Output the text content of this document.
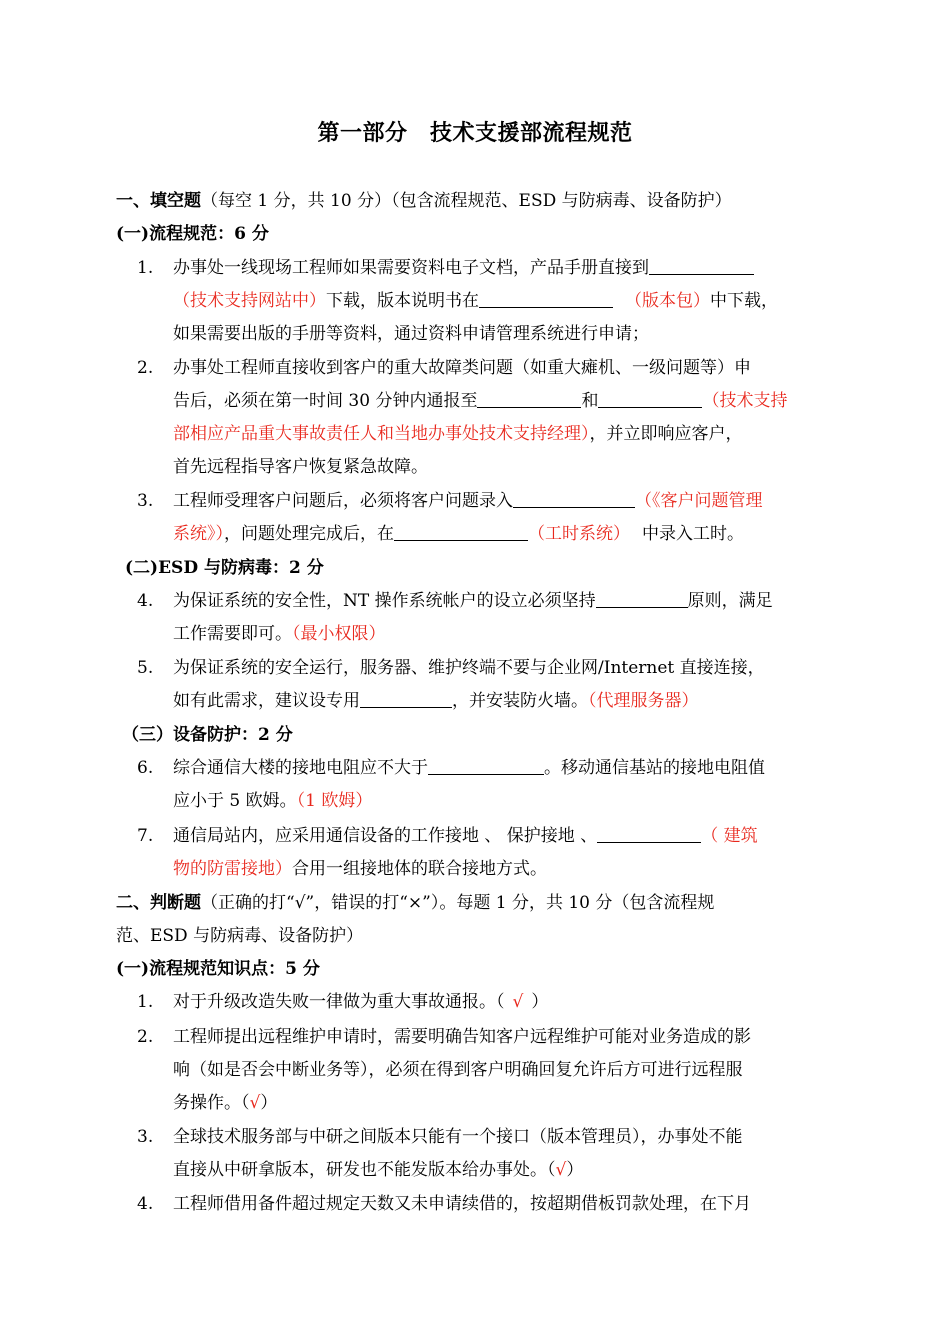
第一部分　技术支援部流程规范
一、填空题（每空 1 分，共 10 分）（包含流程规范、ESD 与防病毒、设备防护）
(一)流程规范：6 分
1.	办事处一线现场工程师如果需要资料电子文档，产品手册直接到
（技术支持网站中）下载，版本说明书在	（版本包）中下载，
如果需要出版的手册等资料，通过资料申请管理系统进行申请；
2.	办事处工程师直接收到客户的重大故障类问题（如重大瘫机、一级问题等）申
告后，必须在第一时间 30 分钟内通报至	和	（技术支持
部相应产品重大事故责任人和当地办事处技术支持经理），并立即响应客户，
首先远程指导客户恢复紧急故障。
3.	工程师受理客户问题后，必须将客户问题录入	（《客户问题管理
系统》），问题处理完成后，在	（工时系统） 中录入工时。
(二)ESD 与防病毒：2 分
4.	为保证系统的安全性，NT 操作系统帐户的设立必须坚持	原则，满足
工作需要即可。（最小权限）
5.	为保证系统的安全运行，服务器、维护终端不要与企业网/Internet 直接连接，
如有此需求，建议设专用	，并安装防火墙。（代理服务器）
（三）设备防护：2 分
6.	综合通信大楼的接地电阻应不大于	。移动通信基站的接地电阻值
应小于 5 欧姆。（1 欧姆）
7.	通信局站内，应采用通信设备的工作接地 、 保护接地 、	（ 建筑
物的防雷接地）合用一组接地体的联合接地方式。
二、判断题（正确的打“√”，错误的打“×”）。每题 1 分，共 10 分（包含流程规
范、ESD 与防病毒、设备防护）
(一)流程规范知识点：5 分
1.	对于升级改造失败一律做为重大事故通报。（ √ ）
2.	工程师提出远程维护申请时，需要明确告知客户远程维护可能对业务造成的影
响（如是否会中断业务等），必须在得到客户明确回复允许后方可进行远程服
务操作。（√）
3.	全球技术服务部与中研之间版本只能有一个接口（版本管理员），办事处不能
直接从中研拿版本，研发也不能发版本给办事处。（√）
4.	工程师借用备件超过规定天数又未申请续借的，按超期借板罚款处理，在下月
